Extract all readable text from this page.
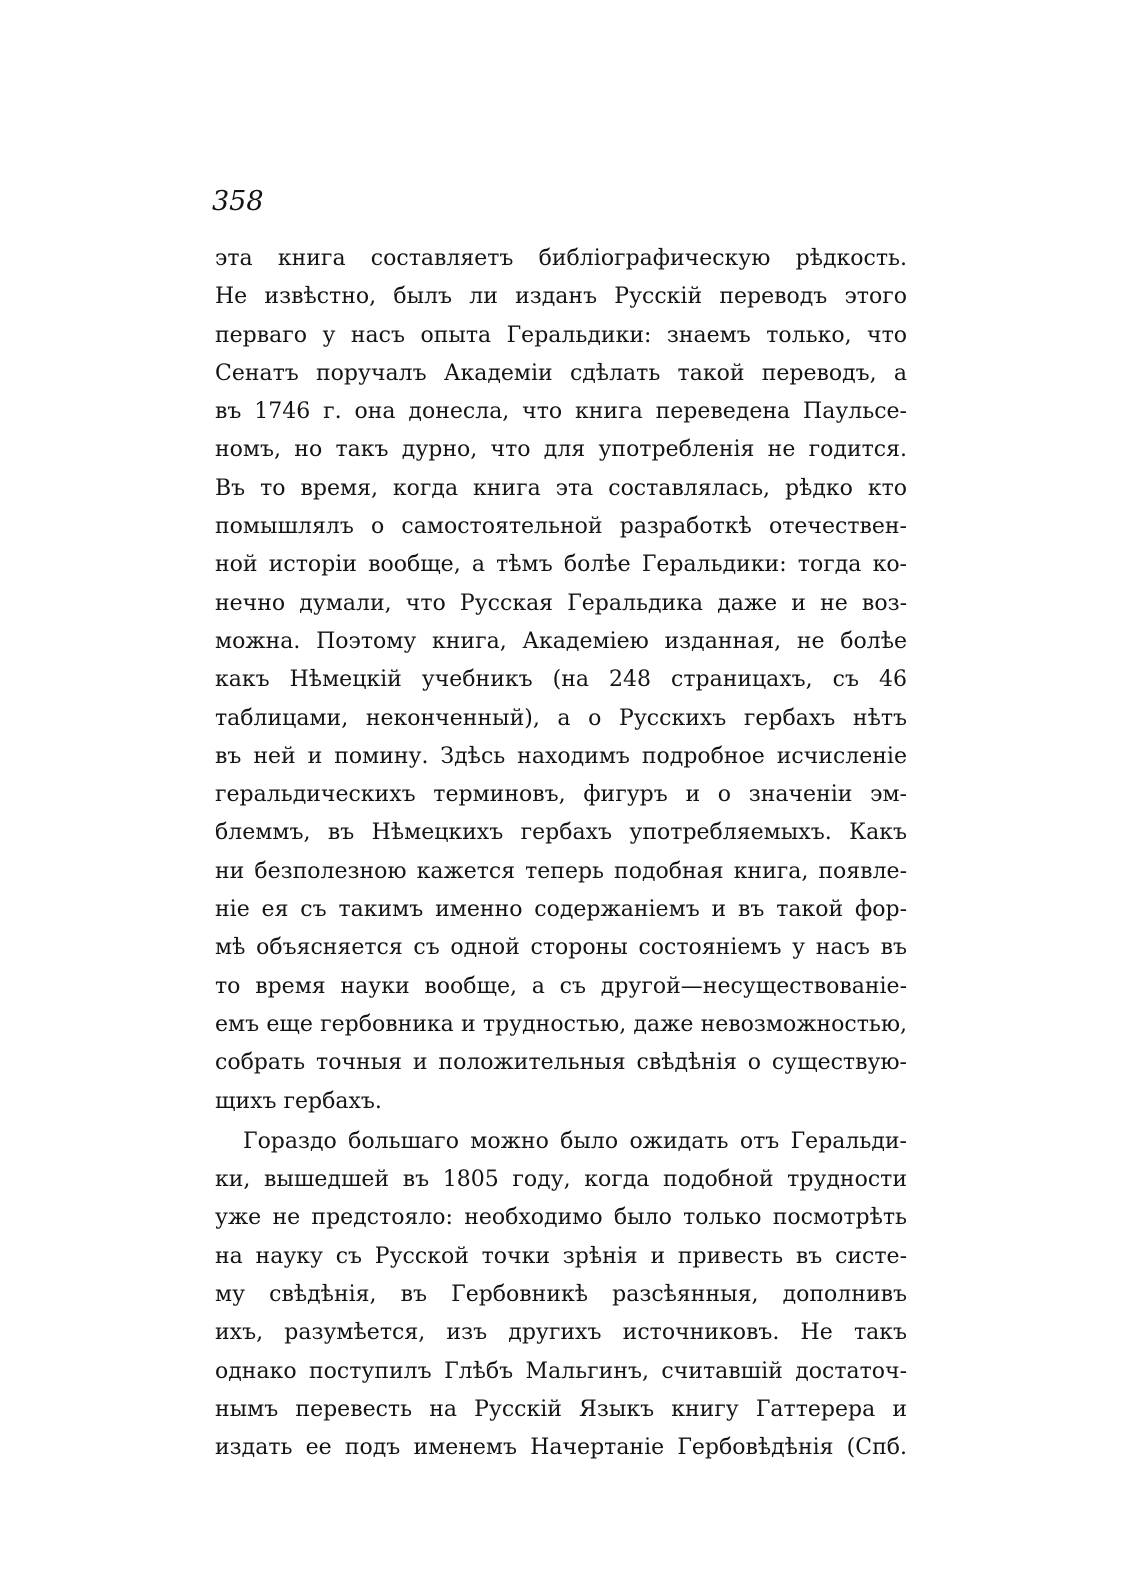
358
эта книга составляетъ библіографическую рѣдкость.
Не извѣстно, былъ ли изданъ Русскій переводъ этого
перваго у насъ опыта Геральдики: знаемъ только, что
Сенатъ поручалъ Академіи сдѣлать такой переводъ, а
въ 1746 г. она донесла, что книга переведена Паульсе-
номъ, но такъ дурно, что для употребленія не годится.
Въ то время, когда книга эта составлялась, рѣдко кто
помышлялъ о самостоятельной разработкѣ отечествен-
ной исторіи вообще, а тѣмъ болѣе Геральдики: тогда ко-
нечно думали, что Русская Геральдика даже и не воз-
можна. Поэтому книга, Академіею изданная, не болѣе
какъ Нѣмецкій учебникъ (на 248 страницахъ, съ 46
таблицами, неконченный), а о Русскихъ гербахъ нѣтъ
въ ней и помину. Здѣсь находимъ подробное исчисленіе
геральдическихъ терминовъ, фигуръ и о значеніи эм-
блеммъ, въ Нѣмецкихъ гербахъ употребляемыхъ. Какъ
ни безполезною кажется теперь подобная книга, появле-
ніе ея съ такимъ именно содержаніемъ и въ такой фор-
мѣ объясняется съ одной стороны состояніемъ у насъ въ
то время науки вообще, а съ другой—несуществованіе-
емъ еще гербовника и трудностью, даже невозможностью,
собрать точныя и положительныя свѣдѣнія о существую-
щихъ гербахъ.
Гораздо большаго можно было ожидать отъ Геральди-
ки, вышедшей въ 1805 году, когда подобной трудности
уже не предстояло: необходимо было только посмотрѣть
на науку съ Русской точки зрѣнія и привесть въ систе-
му свѣдѣнія, въ Гербовникѣ разсѣянныя, дополнивъ
ихъ, разумѣется, изъ другихъ источниковъ. Не такъ
однако поступилъ Глѣбъ Мальгинъ, считавшій достаточ-
нымъ перевесть на Русскій Языкъ книгу Гаттерера и
издать ее подъ именемъ Начертаніе Гербовѣдѣнія (Спб.
